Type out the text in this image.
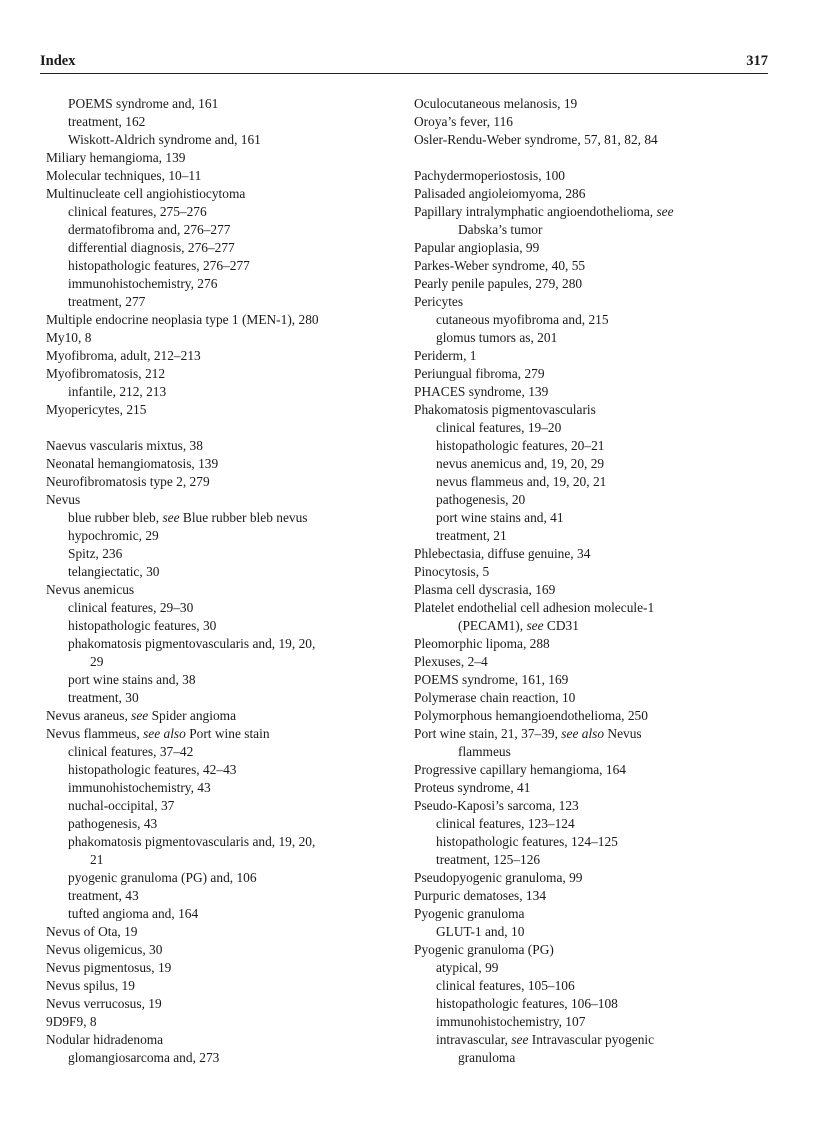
Index	317
POEMS syndrome and, 161
treatment, 162
Wiskott-Aldrich syndrome and, 161
Miliary hemangioma, 139
Molecular techniques, 10–11
Multinucleate cell angiohistiocytoma
clinical features, 275–276
dermatofibroma and, 276–277
differential diagnosis, 276–277
histopathologic features, 276–277
immunohistochemistry, 276
treatment, 277
Multiple endocrine neoplasia type 1 (MEN-1), 280
My10, 8
Myofibroma, adult, 212–213
Myofibromatosis, 212
infantile, 212, 213
Myopericytes, 215
Naevus vascularis mixtus, 38
Neonatal hemangiomatosis, 139
Neurofibromatosis type 2, 279
Nevus
blue rubber bleb, see Blue rubber bleb nevus
hypochromic, 29
Spitz, 236
telangiectatic, 30
Nevus anemicus
clinical features, 29–30
histopathologic features, 30
phakomatosis pigmentovascularis and, 19, 20,
29
port wine stains and, 38
treatment, 30
Nevus araneus, see Spider angioma
Nevus flammeus, see also Port wine stain
clinical features, 37–42
histopathologic features, 42–43
immunohistochemistry, 43
nuchal-occipital, 37
pathogenesis, 43
phakomatosis pigmentovascularis and, 19, 20,
21
pyogenic granuloma (PG) and, 106
treatment, 43
tufted angioma and, 164
Nevus of Ota, 19
Nevus oligemicus, 30
Nevus pigmentosus, 19
Nevus spilus, 19
Nevus verrucosus, 19
9D9F9, 8
Nodular hidradenoma
glomangiosarcoma and, 273
Oculocutaneous melanosis, 19
Oroya’s fever, 116
Osler-Rendu-Weber syndrome, 57, 81, 82, 84
Pachydermoperiostosis, 100
Palisaded angioleiomyoma, 286
Papillary intralymphatic angioendothelioma, see
Dabska’s tumor
Papular angioplasia, 99
Parkes-Weber syndrome, 40, 55
Pearly penile papules, 279, 280
Pericytes
cutaneous myofibroma and, 215
glomus tumors as, 201
Periderm, 1
Periungual fibroma, 279
PHACES syndrome, 139
Phakomatosis pigmentovascularis
clinical features, 19–20
histopathologic features, 20–21
nevus anemicus and, 19, 20, 29
nevus flammeus and, 19, 20, 21
pathogenesis, 20
port wine stains and, 41
treatment, 21
Phlebectasia, diffuse genuine, 34
Pinocytosis, 5
Plasma cell dyscrasia, 169
Platelet endothelial cell adhesion molecule-1
(PECAM1), see CD31
Pleomorphic lipoma, 288
Plexuses, 2–4
POEMS syndrome, 161, 169
Polymerase chain reaction, 10
Polymorphous hemangioendothelioma, 250
Port wine stain, 21, 37–39, see also Nevus
flammeus
Progressive capillary hemangioma, 164
Proteus syndrome, 41
Pseudo-Kaposi’s sarcoma, 123
clinical features, 123–124
histopathologic features, 124–125
treatment, 125–126
Pseudopyogenic granuloma, 99
Purpuric dematoses, 134
Pyogenic granuloma
GLUT-1 and, 10
Pyogenic granuloma (PG)
atypical, 99
clinical features, 105–106
histopathologic features, 106–108
immunohistochemistry, 107
intravascular, see Intravascular pyogenic
granuloma
